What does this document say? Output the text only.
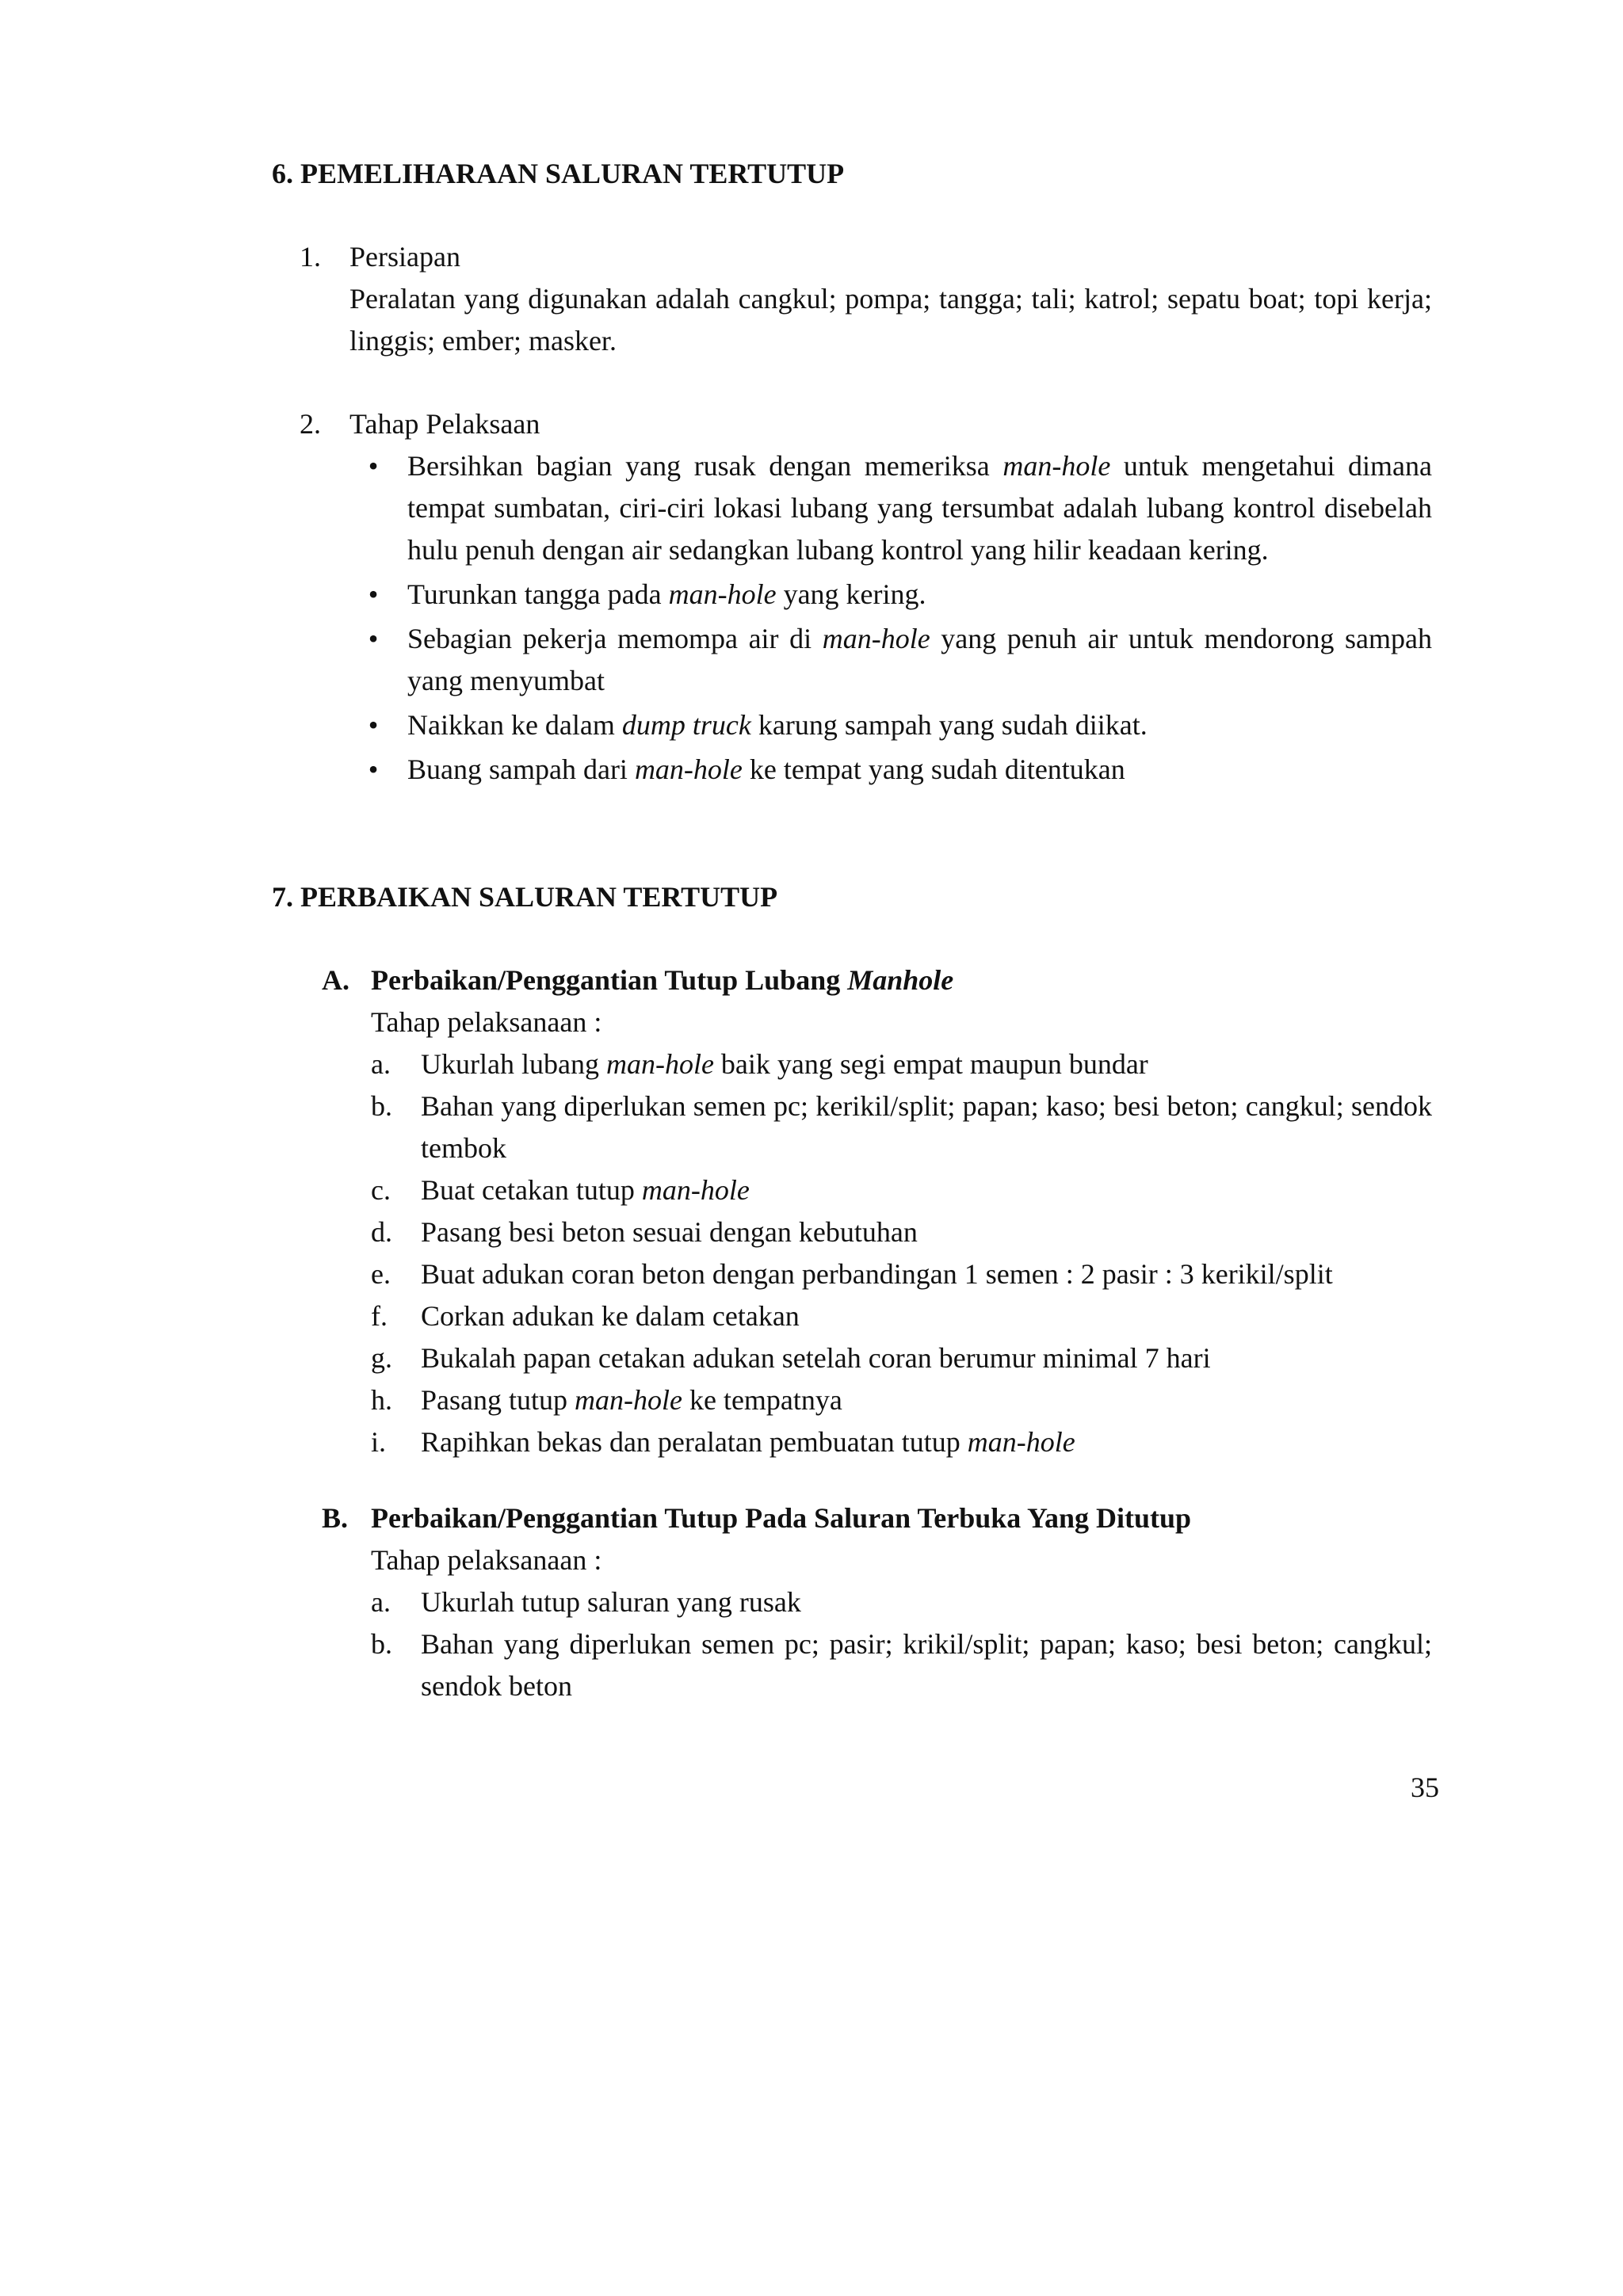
6. PEMELIHARAAN SALURAN TERTUTUP
1.	Persiapan
Peralatan yang digunakan adalah cangkul; pompa; tangga; tali; katrol; sepatu boat; topi kerja; linggis; ember; masker.
2.	Tahap Pelaksaan
• Bersihkan bagian yang rusak dengan memeriksa man-hole untuk mengetahui dimana tempat sumbatan, ciri-ciri lokasi lubang yang tersumbat adalah lubang kontrol disebelah hulu penuh dengan air sedangkan lubang kontrol yang hilir keadaan kering.
• Turunkan tangga pada man-hole yang kering.
• Sebagian pekerja memompa air di man-hole yang penuh air untuk mendorong sampah yang menyumbat
• Naikkan ke dalam dump truck karung sampah yang sudah diikat.
• Buang sampah dari man-hole ke tempat yang sudah ditentukan
7. PERBAIKAN SALURAN TERTUTUP
A. Perbaikan/Penggantian Tutup Lubang Manhole
Tahap pelaksanaan :
a. Ukurlah lubang man-hole baik yang segi empat maupun bundar
b. Bahan yang diperlukan semen pc; kerikil/split; papan; kaso; besi beton; cangkul; sendok tembok
c. Buat cetakan tutup man-hole
d. Pasang besi beton sesuai dengan kebutuhan
e. Buat adukan coran beton dengan perbandingan 1 semen : 2 pasir : 3 kerikil/split
f. Corkan adukan ke dalam cetakan
g. Bukalah papan cetakan adukan setelah coran berumur minimal 7 hari
h. Pasang tutup man-hole ke tempatnya
i. Rapihkan bekas dan peralatan pembuatan tutup man-hole
B. Perbaikan/Penggantian Tutup Pada Saluran Terbuka Yang Ditutup
Tahap pelaksanaan :
a. Ukurlah tutup saluran yang rusak
b. Bahan yang diperlukan semen pc; pasir; krikil/split; papan; kaso; besi beton; cangkul; sendok beton
35
